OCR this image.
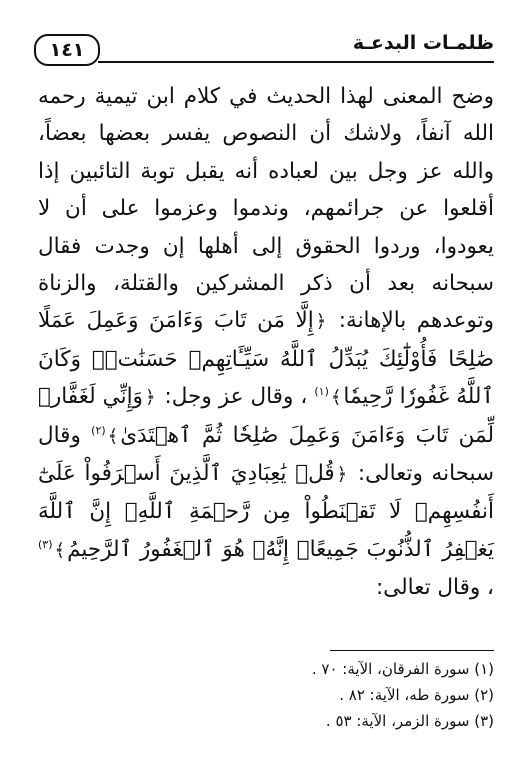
ظلمـات البدعـة
١٤١

وضح المعنى لهذا الحديث في كلام ابن تيمية رحمه الله آنفاً، ولاشك أن النصوص يفسر بعضها بعضاً، والله عز وجل بين لعباده أنه يقبل توبة التائبين إذا أقلعوا عن جرائمهم، وندموا وعزموا على أن لا يعودوا، وردوا الحقوق إلى أهلها إن وجدت فقال سبحانه بعد أن ذكر المشركين والقتلة، والزناة وتوعدهم بالإهانة: ﴿إِلَّا مَن تَابَ وَءَامَنَ وَعَمِلَ عَمَلًا صَٰلِحًا فَأُوْلَٰٓئِكَ يُبَدِّلُ ٱللَّهُ سَيِّـَٔاتِهِمۡ حَسَنَٰتٖۗ وَكَانَ ٱللَّهُ غَفُورٗا رَّحِيمٗا﴾$^{(١)}$ ، وقال عز وجل: ﴿وَإِنِّي لَغَفَّارٞ لِّمَن تَابَ وَءَامَنَ وَعَمِلَ صَٰلِحٗا ثُمَّ ٱهۡتَدَىٰ﴾$^{(٢)}$ وقال سبحانه وتعالى: ﴿قُلۡ يَٰعِبَادِيَ ٱلَّذِينَ أَسۡرَفُواْ عَلَىٰٓ أَنفُسِهِمۡ لَا تَقۡنَطُواْ مِن رَّحۡمَةِ ٱللَّهِۚ إِنَّ ٱللَّهَ يَغۡفِرُ ٱلذُّنُوبَ جَمِيعًاۚ إِنَّهُۥ هُوَ ٱلۡغَفُورُ ٱلرَّحِيمُ﴾$^{(٣)}$ ، وقال تعالى:

(١) سورة الفرقان، الآية: ٧٠ .
(٢) سورة طه، الآية: ٨٢ .
(٣) سورة الزمر، الآية: ٥٣ .
